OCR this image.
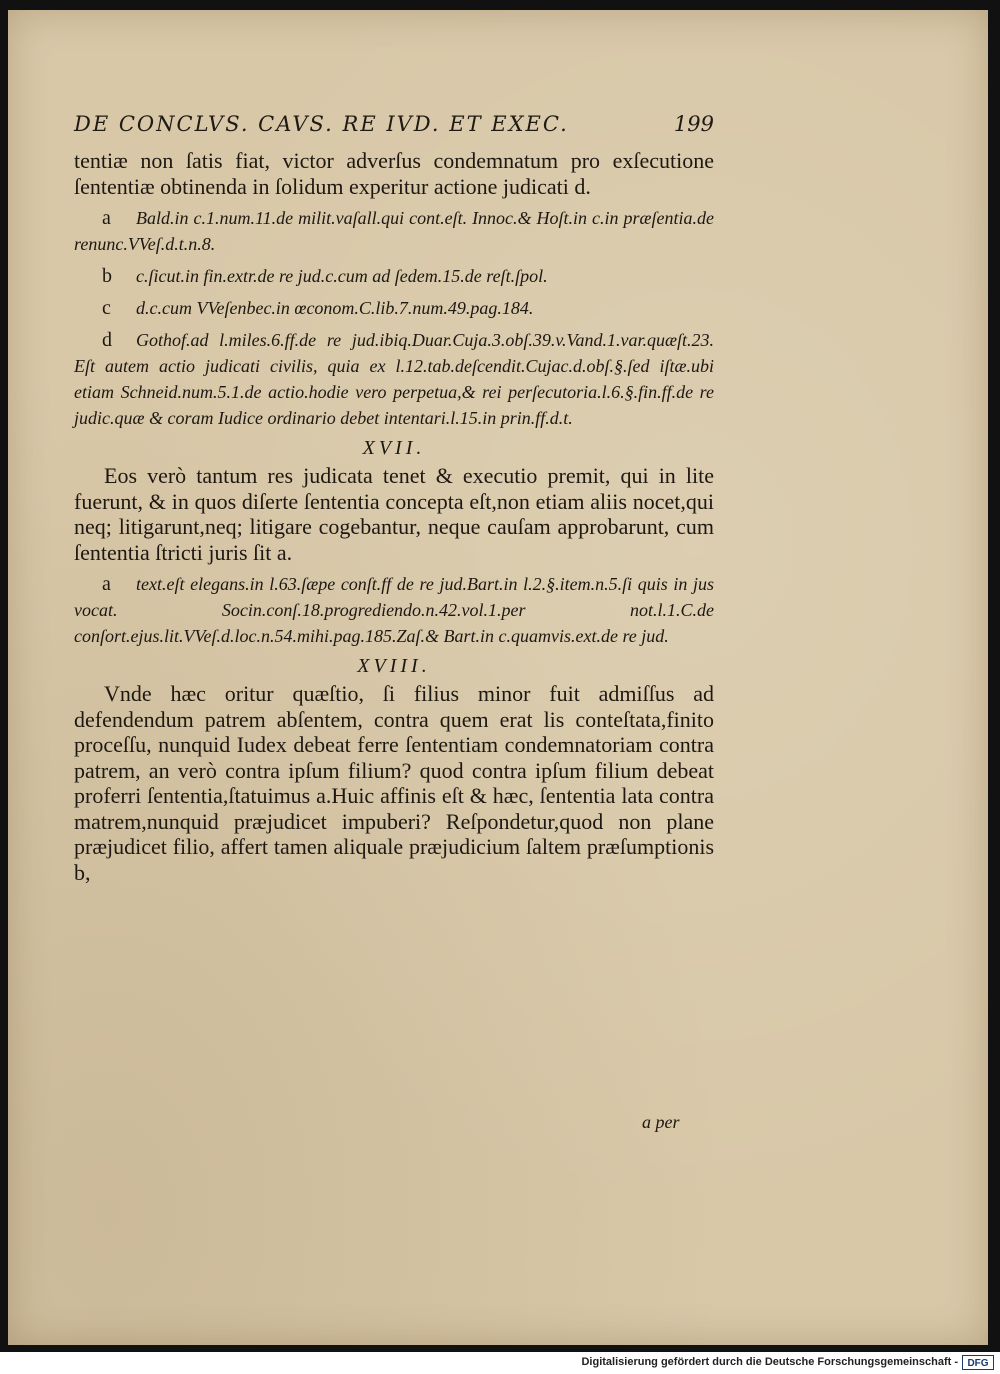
DE CONCLVS. CAVS. RE IVD. ET EXEC.	199

tentiæ non ſatis fiat, victor adverſus condemnatum pro exſecutione ſententiæ obtinenda in ſolidum experitur actione judicati d.

a Bald.in c.1.num.11.de milit.vaſall.qui cont.eſt. Innoc.& Hoſt.in c.in præſentia.de renunc.VVeſ.d.t.n.8.

b c.ſicut.in fin.extr.de re jud.c.cum ad ſedem.15.de reſt.ſpol.

c d.c.cum VVeſenbec.in œconom.C.lib.7.num.49.pag.184.

d Gothof.ad l.miles.6.ff.de re jud.ibiq.Duar.Cuja.3.obſ.39.v.Vand.1.var.quæſt.23. Eſt autem actio judicati civilis, quia ex l.12.tab.deſcendit.Cujac.d.obſ.§.ſed iſtæ.ubi etiam Schneid.num.5.1.de actio.hodie vero perpetua,& rei perſecutoria.l.6.§.fin.ff.de re judic.quæ & coram Iudice ordinario debet intentari.l.15.in prin.ff.d.t.

XVII.

Eos verò tantum res judicata tenet & executio premit, qui in lite fuerunt, & in quos diſerte ſententia concepta eſt,non etiam aliis nocet,qui neq; litigarunt,neq; litigare cogebantur, neque cauſam approbarunt, cum ſententia ſtricti juris ſit a.

a text.eſt elegans.in l.63.ſæpe conſt.ff de re jud.Bart.in l.2.§.item.n.5.ſi quis in jus vocat. Socin.conſ.18.progrediendo.n.42.vol.1.per not.l.1.C.de conſort.ejus.lit.VVeſ.d.loc.n.54.mihi.pag.185.Zaſ.& Bart.in c.quamvis.ext.de re jud.

XVIII.

Vnde hæc oritur quæſtio, ſi filius minor fuit admiſſus ad defendendum patrem abſentem, contra quem erat lis conteſtata,finito proceſſu, nunquid Iudex debeat ferre ſententiam condemnatoriam contra patrem, an verò contra ipſum filium? quod contra ipſum filium debeat proferri ſententia,ſtatuimus a.Huic affinis eſt & hæc, ſententia lata contra matrem,nunquid præjudicet impuberi? Reſpondetur,quod non plane præjudicet filio, affert tamen aliquale præjudicium ſaltem præſumptionis b,

a per
Digitalisierung gefördert durch die Deutsche Forschungsgemeinschaft - DFG
